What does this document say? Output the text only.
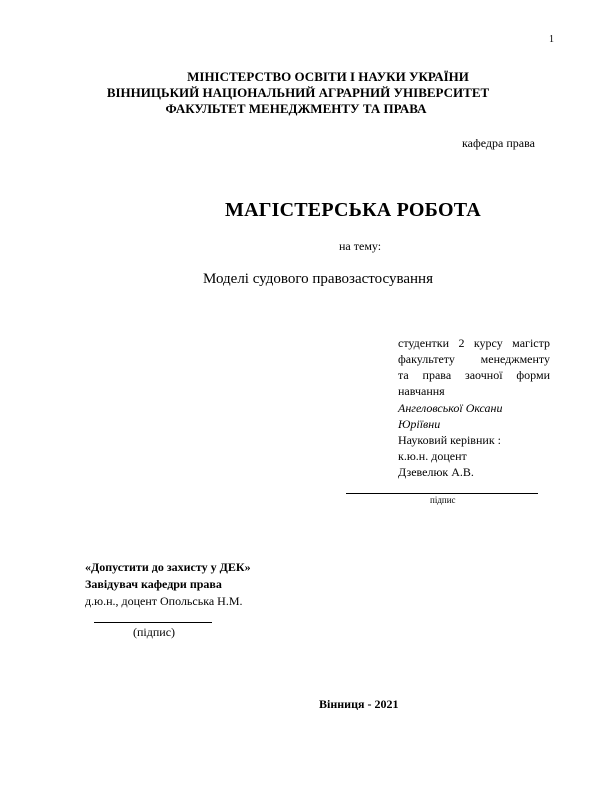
1
МІНІСТЕРСТВО ОСВІТИ І НАУКИ УКРАЇНИ
ВІННИЦЬКИЙ НАЦІОНАЛЬНИЙ АГРАРНИЙ УНІВЕРСИТЕТ
ФАКУЛЬТЕТ МЕНЕДЖМЕНТУ ТА ПРАВА
кафедра права
МАГІСТЕРСЬКА РОБОТА
на тему:
Моделі судового правозастосування
студентки 2 курсу магістр
факультету менеджменту
та права заочної форми
навчання
Ангеловської Оксани
Юріївни
Науковий керівник :
к.ю.н. доцент
Дзевелюк А.В.
підпис
«Допустити до захисту у ДЕК»
Завідувач кафедри права
д.ю.н., доцент Опольська Н.М.
(підпис)
Вінниця - 2021
